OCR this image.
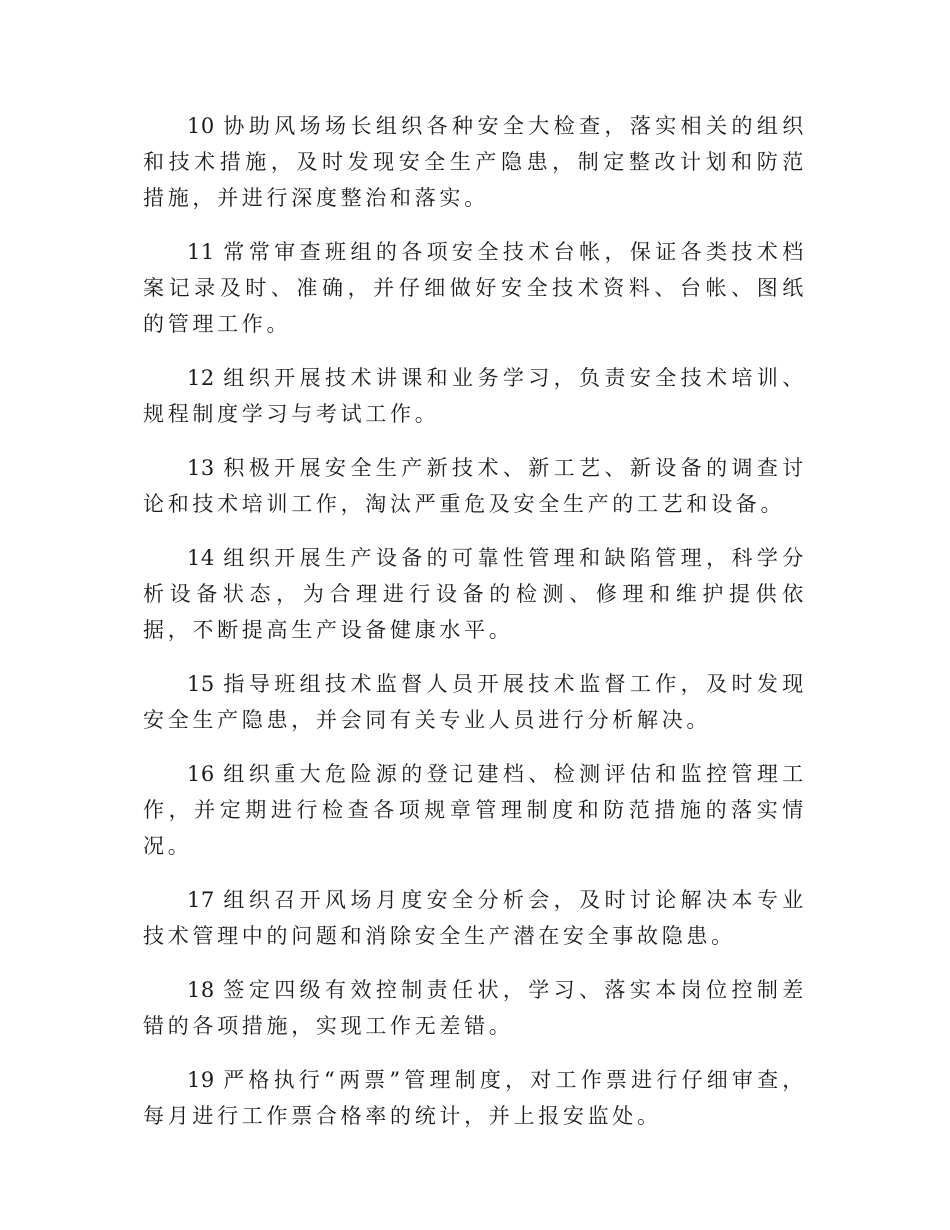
10 协助风场场长组织各种安全大检查，落实相关的组织和技术措施，及时发现安全生产隐患，制定整改计划和防范措施，并进行深度整治和落实。

11 常常审查班组的各项安全技术台帐，保证各类技术档案记录及时、准确，并仔细做好安全技术资料、台帐、图纸的管理工作。

12 组织开展技术讲课和业务学习，负责安全技术培训、规程制度学习与考试工作。

13 积极开展安全生产新技术、新工艺、新设备的调查讨论和技术培训工作，淘汰严重危及安全生产的工艺和设备。

14 组织开展生产设备的可靠性管理和缺陷管理，科学分析设备状态，为合理进行设备的检测、修理和维护提供依据，不断提高生产设备健康水平。

15 指导班组技术监督人员开展技术监督工作，及时发现安全生产隐患，并会同有关专业人员进行分析解决。

16 组织重大危险源的登记建档、检测评估和监控管理工作，并定期进行检查各项规章管理制度和防范措施的落实情况。

17 组织召开风场月度安全分析会，及时讨论解决本专业技术管理中的问题和消除安全生产潜在安全事故隐患。

18 签定四级有效控制责任状，学习、落实本岗位控制差错的各项措施，实现工作无差错。

19 严格执行“两票”管理制度，对工作票进行仔细审查，每月进行工作票合格率的统计，并上报安监处。
